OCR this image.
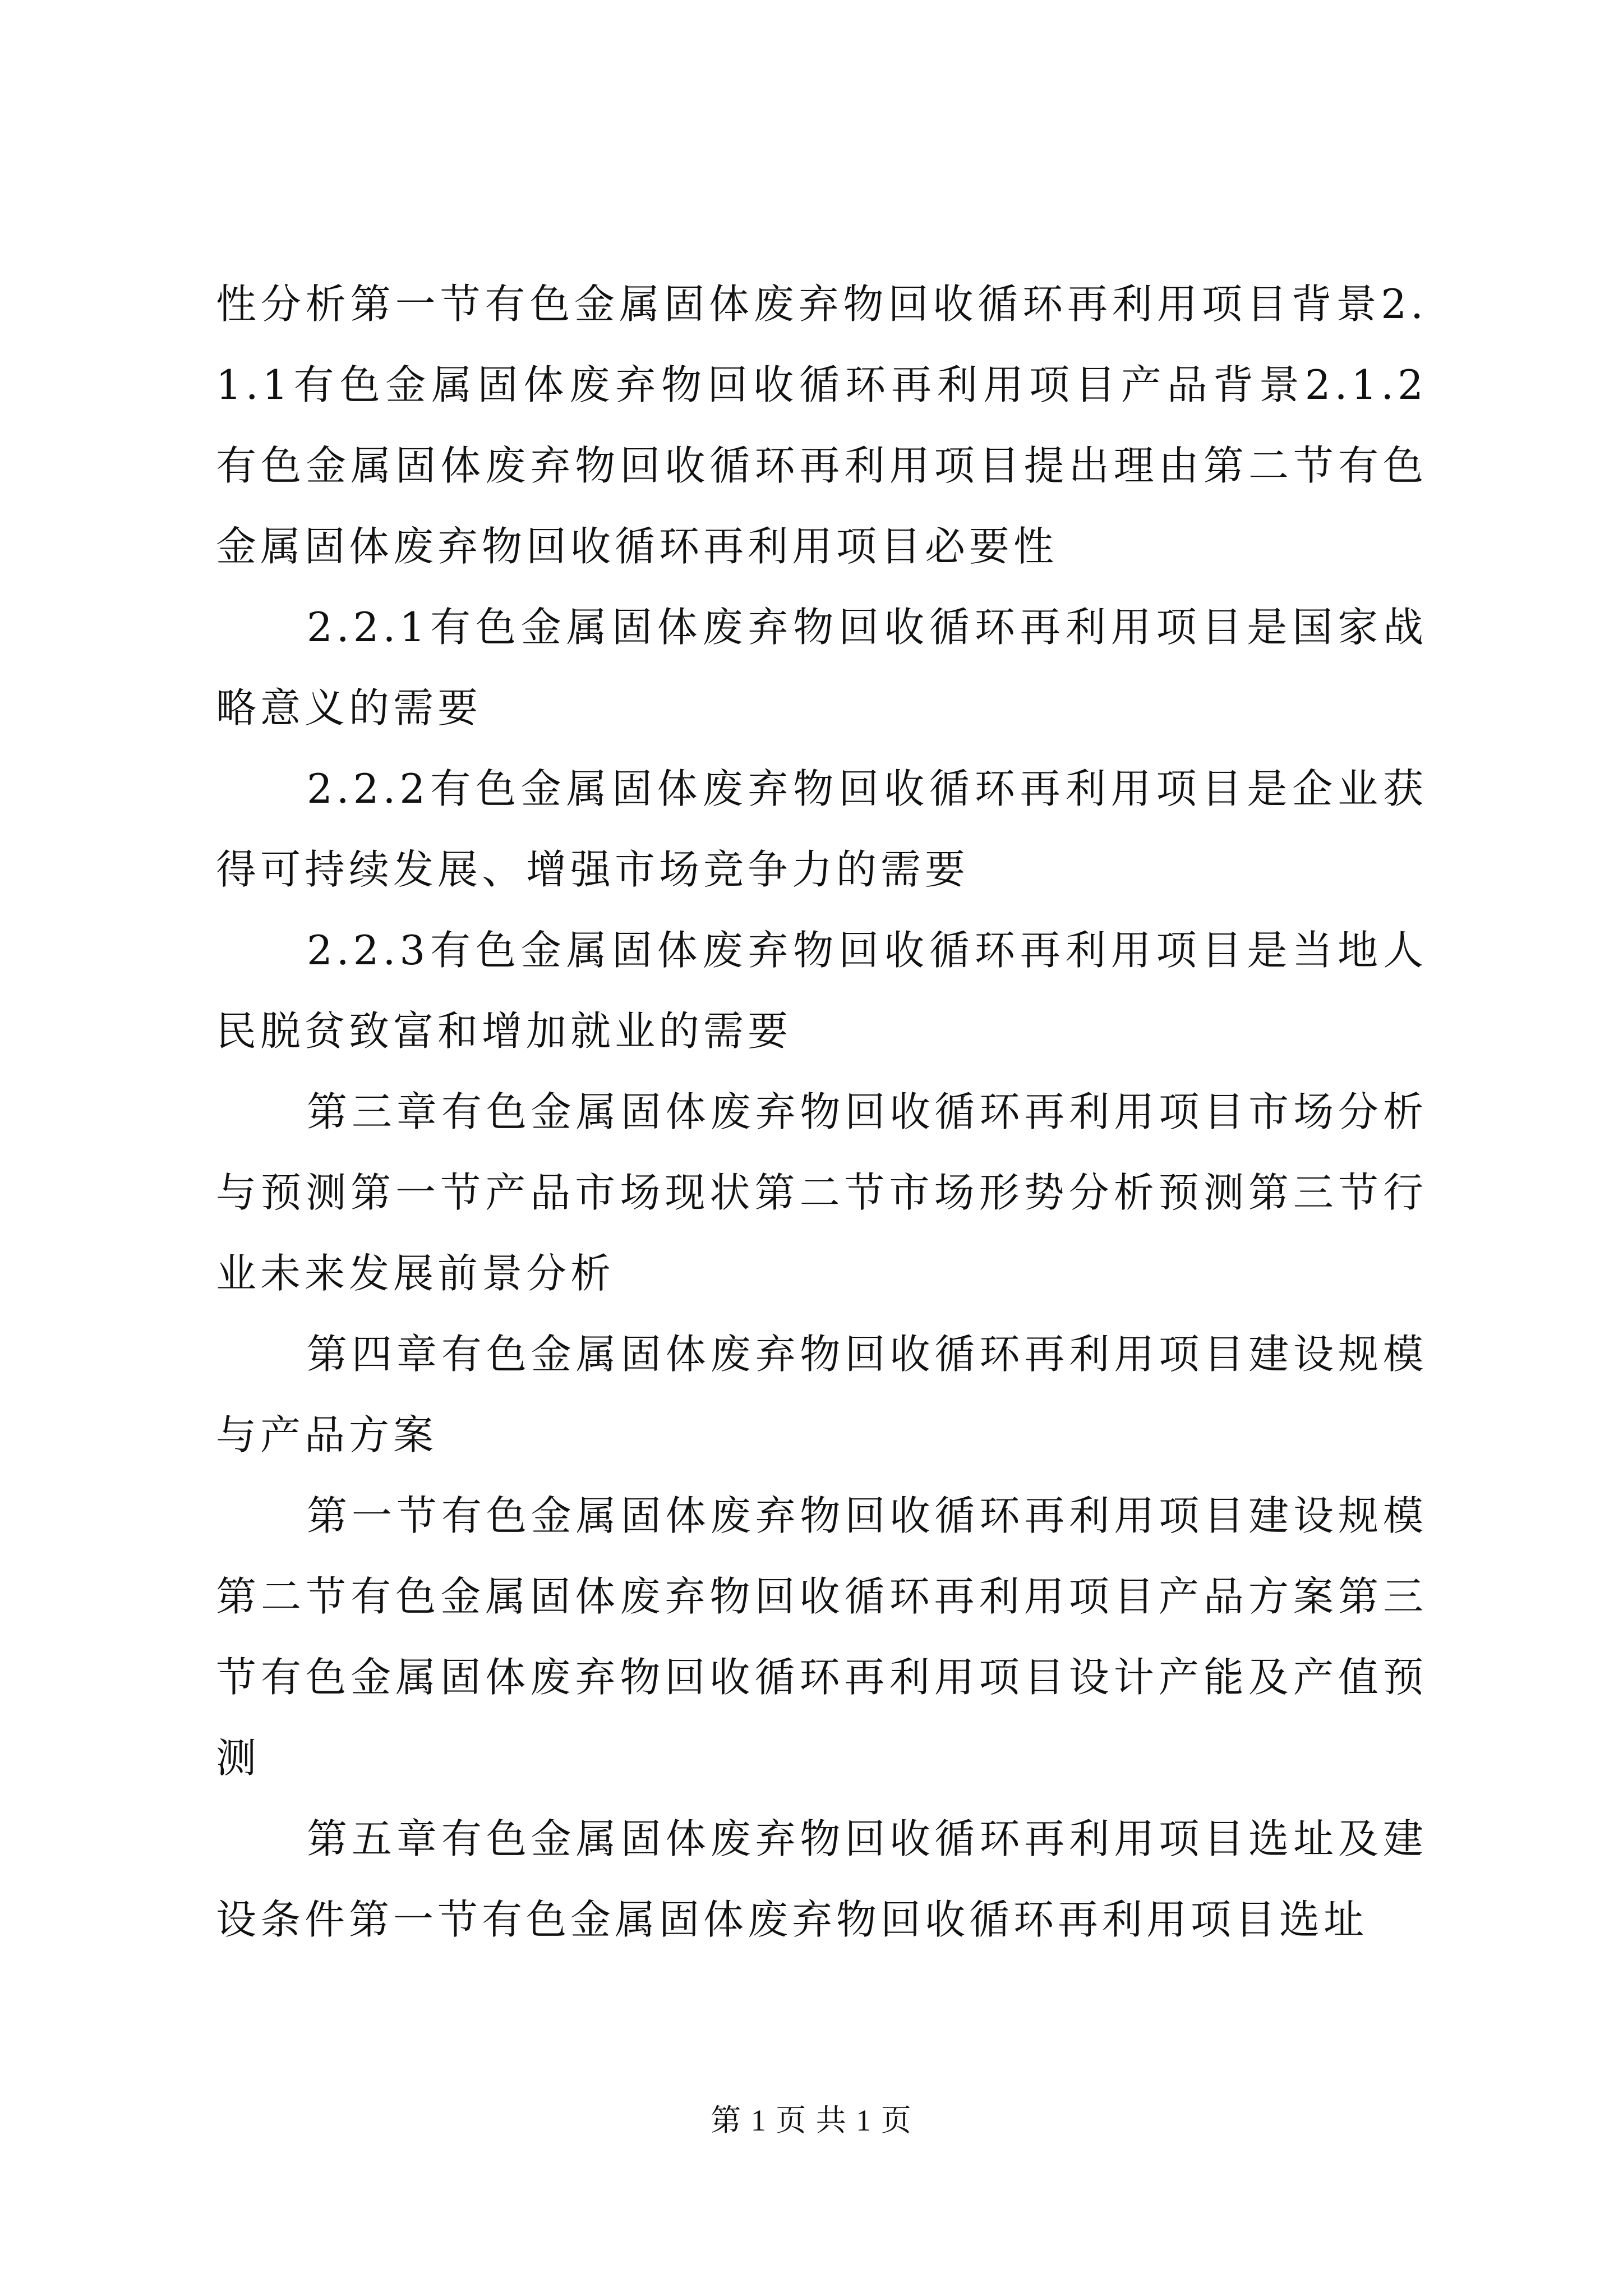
性分析第一节有色金属固体废弃物回收循环再利用项目背景2.1.1有色金属固体废弃物回收循环再利用项目产品背景2.1.2有色金属固体废弃物回收循环再利用项目提出理由第二节有色金属固体废弃物回收循环再利用项目必要性

2.2.1有色金属固体废弃物回收循环再利用项目是国家战略意义的需要

2.2.2有色金属固体废弃物回收循环再利用项目是企业获得可持续发展、增强市场竞争力的需要

2.2.3有色金属固体废弃物回收循环再利用项目是当地人民脱贫致富和增加就业的需要

第三章有色金属固体废弃物回收循环再利用项目市场分析与预测第一节产品市场现状第二节市场形势分析预测第三节行业未来发展前景分析

第四章有色金属固体废弃物回收循环再利用项目建设规模与产品方案

第一节有色金属固体废弃物回收循环再利用项目建设规模第二节有色金属固体废弃物回收循环再利用项目产品方案第三节有色金属固体废弃物回收循环再利用项目设计产能及产值预测

第五章有色金属固体废弃物回收循环再利用项目选址及建设条件第一节有色金属固体废弃物回收循环再利用项目选址

第 1 页 共 1 页
